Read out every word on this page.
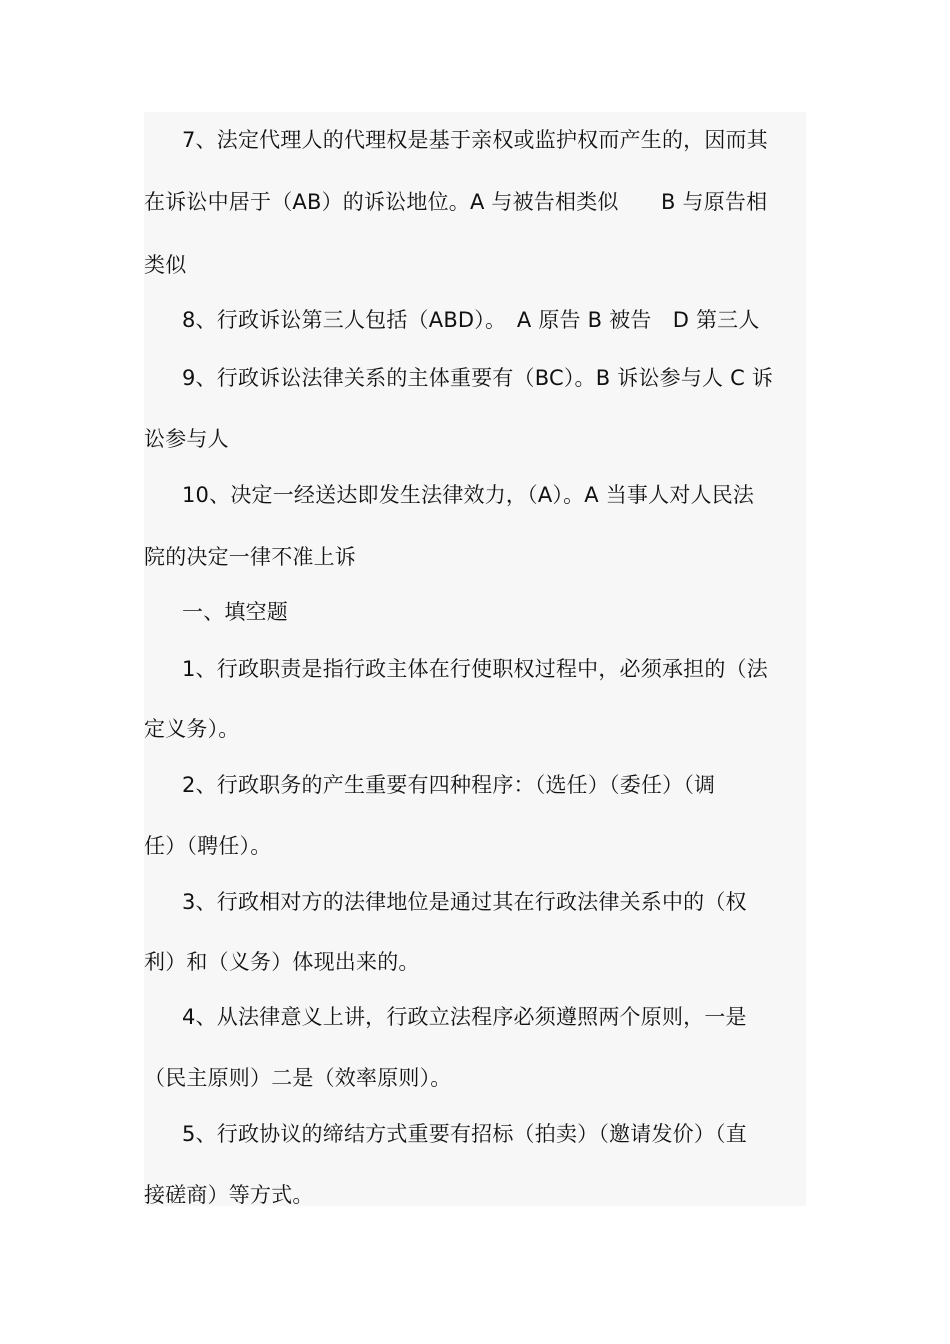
7、法定代理人的代理权是基于亲权或监护权而产生的，因而其
在诉讼中居于（AB）的诉讼地位。A 与被告相类似　　B 与原告相
类似
8、行政诉讼第三人包括（ABD）。　A 原告 B 被告　D 第三人
9、行政诉讼法律关系的主体重要有（BC）。B 诉讼参与人 C 诉
讼参与人
10、决定一经送达即发生法律效力，（A）。A 当事人对人民法
院的决定一律不准上诉
一、填空题
1、行政职责是指行政主体在行使职权过程中，必须承担的（法
定义务）。
2、行政职务的产生重要有四种程序：（选任）（委任）（调
任）（聘任）。
3、行政相对方的法律地位是通过其在行政法律关系中的（权
利）和（义务）体现出来的。
4、从法律意义上讲，行政立法程序必须遵照两个原则，一是
（民主原则）二是（效率原则）。
5、行政协议的缔结方式重要有招标（拍卖）（邀请发价）（直
接磋商）等方式。
